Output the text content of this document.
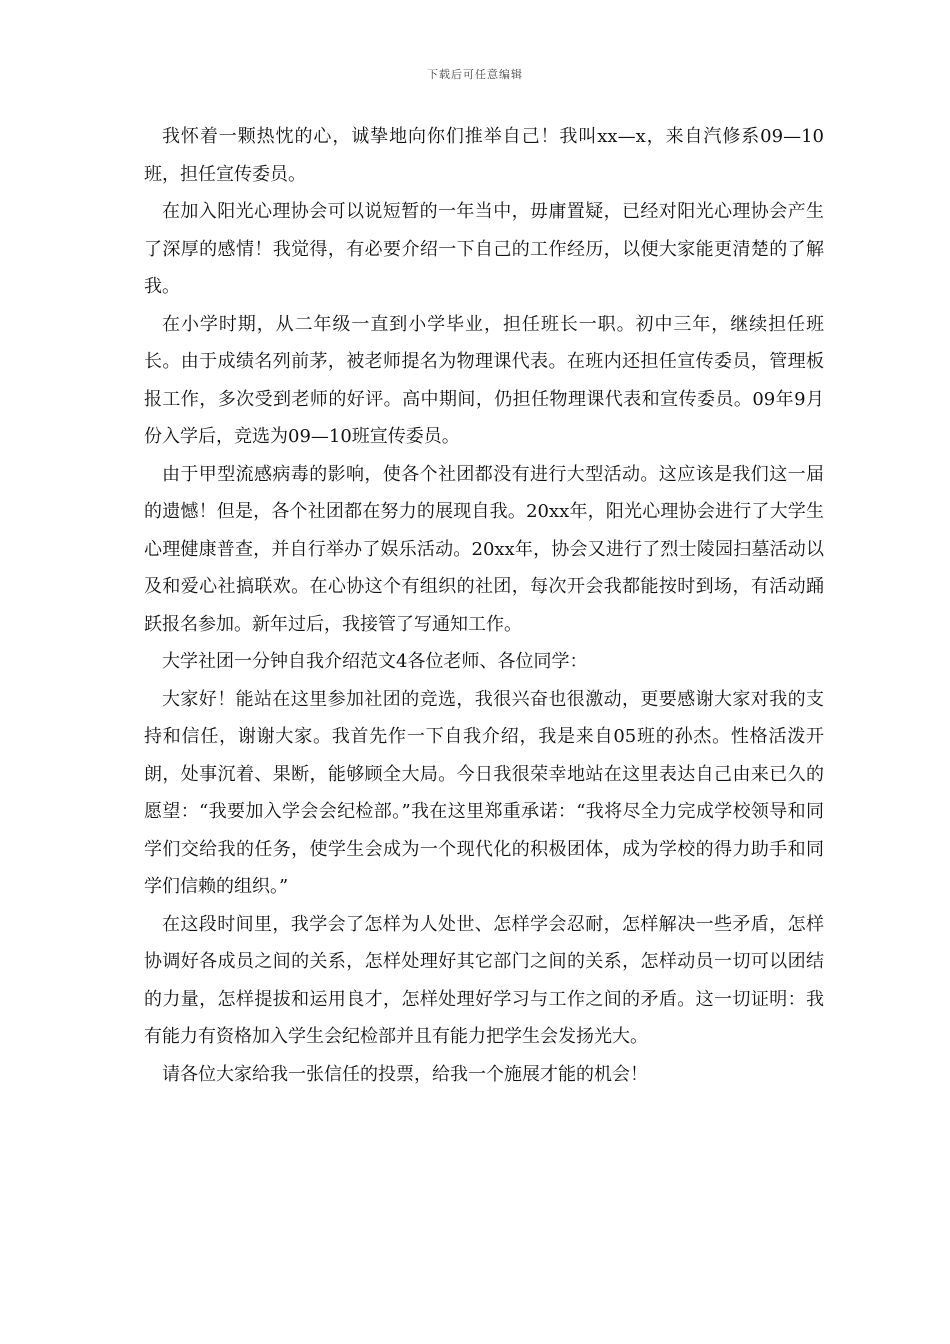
下载后可任意编辑

我怀着一颗热忱的心，诚挚地向你们推举自己！我叫xx—x，来自汽修系09—10班，担任宣传委员。

在加入阳光心理协会可以说短暂的一年当中，毋庸置疑，已经对阳光心理协会产生了深厚的感情！我觉得，有必要介绍一下自己的工作经历，以便大家能更清楚的了解我。

在小学时期，从二年级一直到小学毕业，担任班长一职。初中三年，继续担任班长。由于成绩名列前茅，被老师提名为物理课代表。在班内还担任宣传委员，管理板报工作，多次受到老师的好评。高中期间，仍担任物理课代表和宣传委员。09年9月份入学后，竞选为09—10班宣传委员。

由于甲型流感病毒的影响，使各个社团都没有进行大型活动。这应该是我们这一届的遗憾！但是，各个社团都在努力的展现自我。20xx年，阳光心理协会进行了大学生心理健康普查，并自行举办了娱乐活动。20xx年，协会又进行了烈士陵园扫墓活动以及和爱心社搞联欢。在心协这个有组织的社团，每次开会我都能按时到场，有活动踊跃报名参加。新年过后，我接管了写通知工作。

大学社团一分钟自我介绍范文4各位老师、各位同学：

大家好！能站在这里参加社团的竞选，我很兴奋也很激动，更要感谢大家对我的支持和信任，谢谢大家。我首先作一下自我介绍，我是来自05班的孙杰。性格活泼开朗，处事沉着、果断，能够顾全大局。今日我很荣幸地站在这里表达自己由来已久的愿望：“我要加入学会会纪检部。”我在这里郑重承诺：“我将尽全力完成学校领导和同学们交给我的任务，使学生会成为一个现代化的积极团体，成为学校的得力助手和同学们信赖的组织。”

在这段时间里，我学会了怎样为人处世、怎样学会忍耐，怎样解决一些矛盾，怎样协调好各成员之间的关系，怎样处理好其它部门之间的关系，怎样动员一切可以团结的力量，怎样提拔和运用良才，怎样处理好学习与工作之间的矛盾。这一切证明：我有能力有资格加入学生会纪检部并且有能力把学生会发扬光大。

请各位大家给我一张信任的投票，给我一个施展才能的机会！
